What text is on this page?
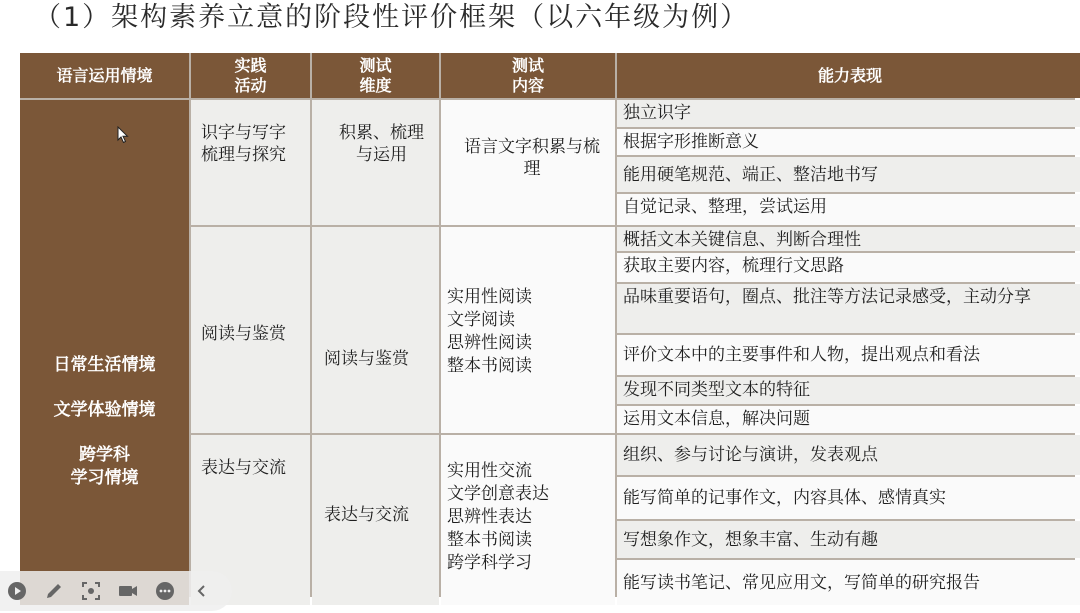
（1）架构素养立意的阶段性评价框架（以六年级为例）
语言运用情境
实践
活动
测试
维度
测试
内容
能力表现
日常生活情境
文学体验情境
跨学科
学习情境
识字与写字
梳理与探究
阅读与鉴赏
表达与交流
积累、梳理
与运用
阅读与鉴赏
表达与交流
语言文字积累与梳
理
实用性阅读
文学阅读
思辨性阅读
整本书阅读
实用性交流
文学创意表达
思辨性表达
整本书阅读
跨学科学习
独立识字
根据字形推断意义
能用硬笔规范、端正、整洁地书写
自觉记录、整理，尝试运用
概括文本关键信息、判断合理性
获取主要内容，梳理行文思路
品味重要语句，圈点、批注等方法记录感受，主动分享
评价文本中的主要事件和人物，提出观点和看法
发现不同类型文本的特征
运用文本信息，解决问题
组织、参与讨论与演讲，发表观点
能写简单的记事作文，内容具体、感情真实
写想象作文，想象丰富、生动有趣
能写读书笔记、常见应用文，写简单的研究报告
